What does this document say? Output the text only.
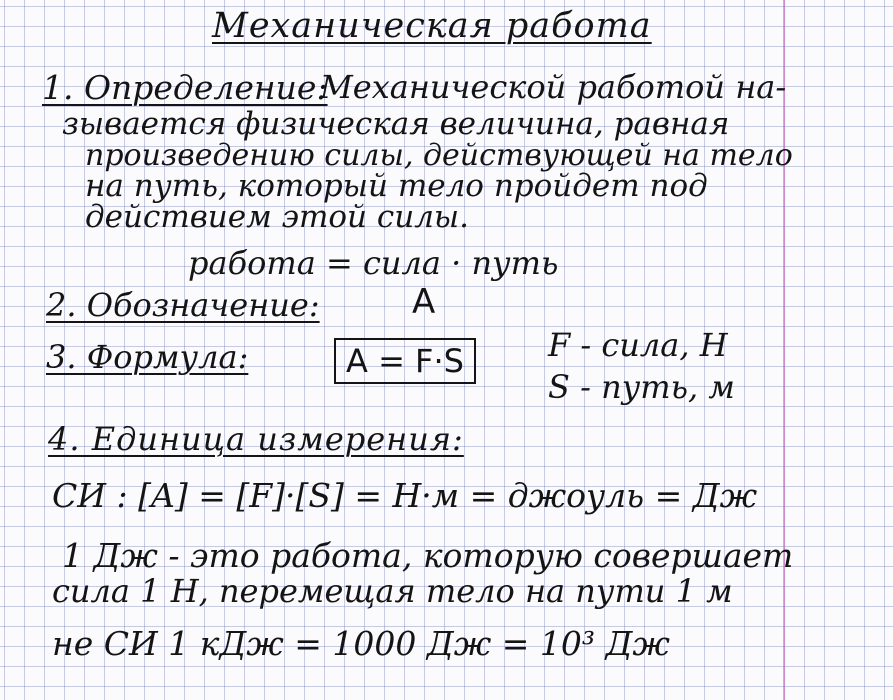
Механическая работа
1. Определение:
Механической работой на-
зывается физическая величина, равная
произведению силы, действующей на тело
на путь, который тело пройдет под
действием этой силы.
работа = сила · путь
2. Обозначение:	A
3. Формула:	A = F·S	F - сила, Н
S - путь, м
4. Единица измерения:
СИ : [A] = [F]·[S] = Н·м = джоуль = Дж
1 Дж - это работа, которую совершает
сила 1 Н, перемещая тело на пути 1 м
не СИ 1 кДж = 1000 Дж = 10³ Дж
